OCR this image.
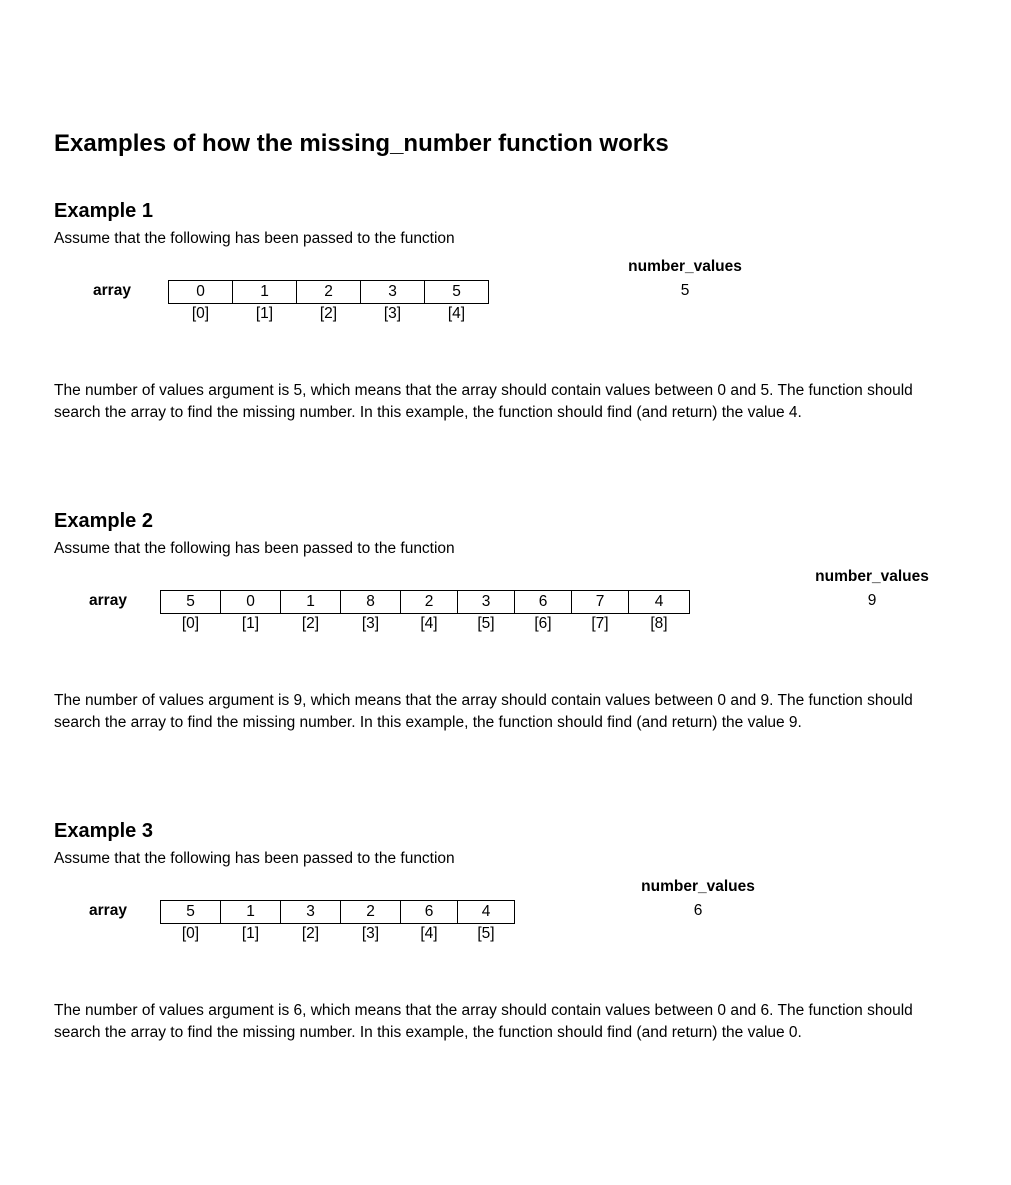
Examples of how the missing_number function works
Example 1

Assume that the following has been passed to the function

array	0	1	2	3	5
[0]	[1]	[2]	[3]	[4]
number_values
5

The number of values argument is 5, which means that the array should contain values between 0 and 5. The function should search the array to find the missing number. In this example, the function should find (and return) the value 4.

Example 2

Assume that the following has been passed to the function

array	5	0	1	8	2	3	6	7	4
[0]	[1]	[2]	[3]	[4]	[5]	[6]	[7]	[8]
number_values
9

The number of values argument is 9, which means that the array should contain values between 0 and 9. The function should search the array to find the missing number. In this example, the function should find (and return) the value 9.

Example 3

Assume that the following has been passed to the function

array	5	1	3	2	6	4
[0]	[1]	[2]	[3]	[4]	[5]
number_values
6

The number of values argument is 6, which means that the array should contain values between 0 and 6. The function should search the array to find the missing number. In this example, the function should find (and return) the value 0.
